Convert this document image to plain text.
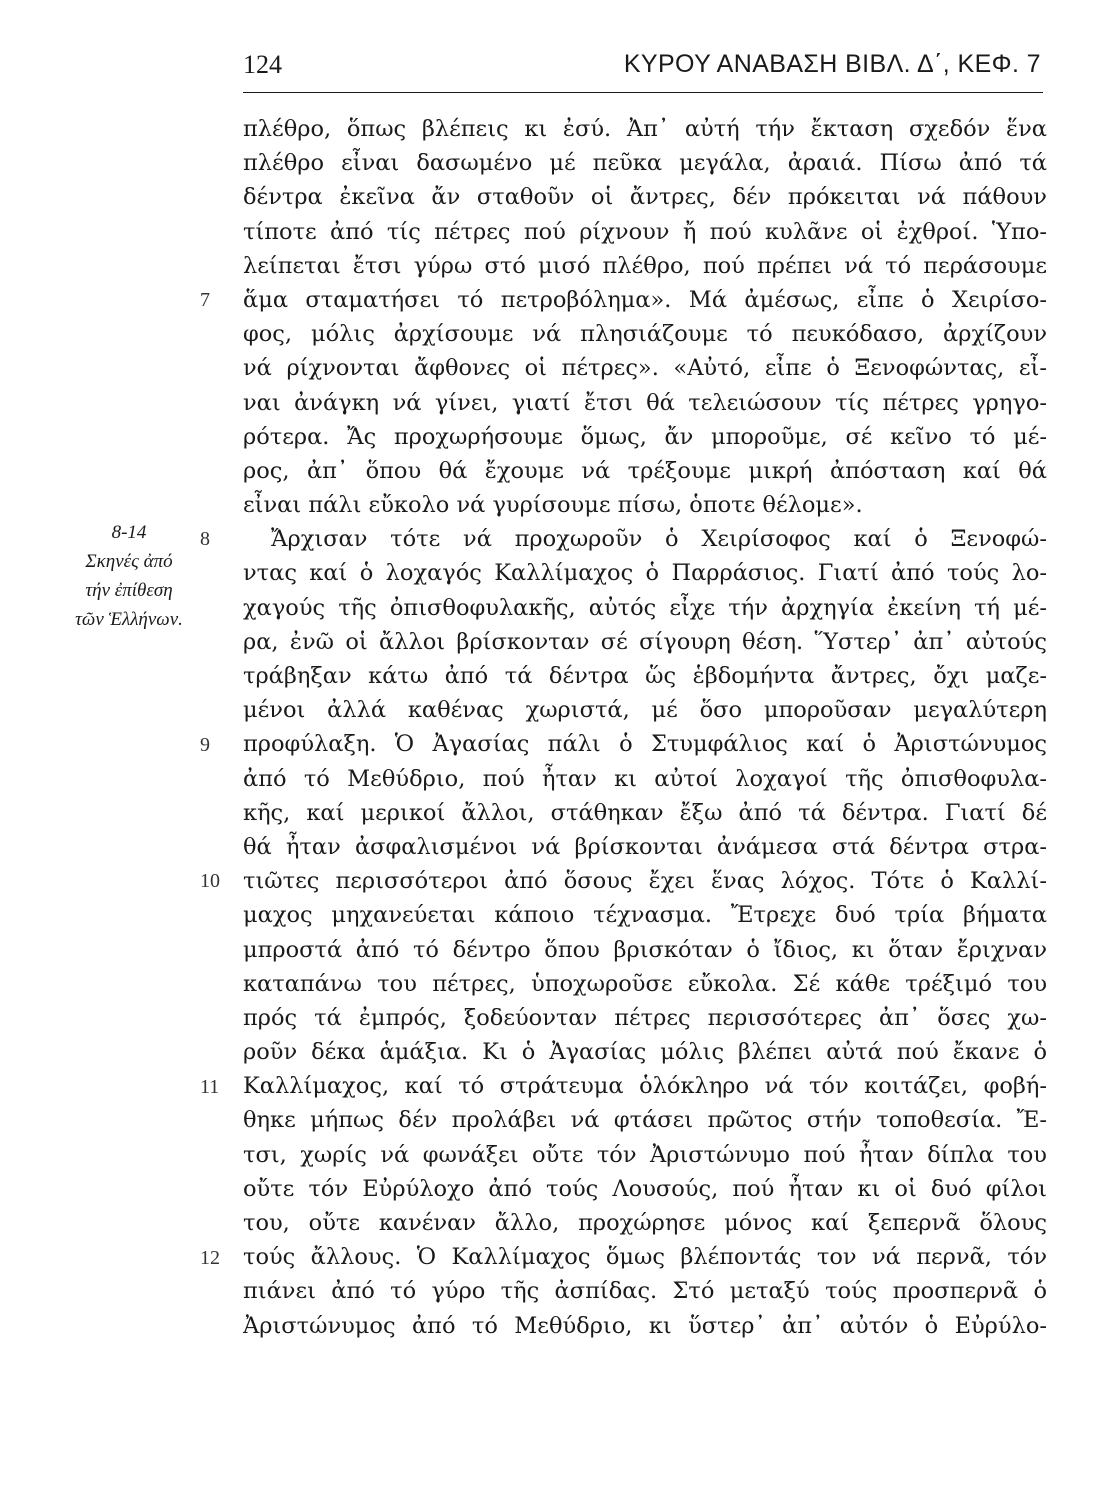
124	ΚΥΡΟΥ ΑΝΑΒΑΣΗ ΒΙΒΛ. Δ΄, ΚΕΦ. 7
8-14
Σκηνές ἀπό
τήν ἐπίθεση
τῶν Ἑλλήνων.
7
8
9
10
11
12
πλέθρο, ὅπως βλέπεις κι ἐσύ. Ἀπ᾽ αὐτή τήν ἔκταση σχεδόν ἕνα
πλέθρο εἶναι δασωμένο μέ πεῦκα μεγάλα, ἀραιά. Πίσω ἀπό τά
δέντρα ἐκεῖνα ἄν σταθοῦν οἱ ἄντρες, δέν πρόκειται νά πάθουν
τίποτε ἀπό τίς πέτρες πού ρίχνουν ἤ πού κυλᾶνε οἱ ἐχθροί. Ὑπο-
λείπεται ἔτσι γύρω στό μισό πλέθρο, πού πρέπει νά τό περάσουμε
ἅμα σταματήσει τό πετροβόλημα». Μά ἀμέσως, εἶπε ὁ Χειρίσο-
φος, μόλις ἀρχίσουμε νά πλησιάζουμε τό πευκόδασο, ἀρχίζουν
νά ρίχνονται ἄφθονες οἱ πέτρες». «Αὐτό, εἶπε ὁ Ξενοφώντας, εἶ-
ναι ἀνάγκη νά γίνει, γιατί ἔτσι θά τελειώσουν τίς πέτρες γρηγο-
ρότερα. Ἄς προχωρήσουμε ὅμως, ἄν μποροῦμε, σέ κεῖνο τό μέ-
ρος, ἀπ᾽ ὅπου θά ἔχουμε νά τρέξουμε μικρή ἀπόσταση καί θά
εἶναι πάλι εὔκολο νά γυρίσουμε πίσω, ὁποτε θέλομε».
Ἄρχισαν τότε νά προχωροῦν ὁ Χειρίσοφος καί ὁ Ξενοφώ-
ντας καί ὁ λοχαγός Καλλίμαχος ὁ Παρράσιος. Γιατί ἀπό τούς λο-
χαγούς τῆς ὀπισθοφυλακῆς, αὐτός εἶχε τήν ἀρχηγία ἐκείνη τή μέ-
ρα, ἐνῶ οἱ ἄλλοι βρίσκονταν σέ σίγουρη θέση. Ὕστερ᾽ ἀπ᾽ αὐτούς
τράβηξαν κάτω ἀπό τά δέντρα ὥς ἑβδομήντα ἄντρες, ὄχι μαζε-
μένοι ἀλλά καθένας χωριστά, μέ ὅσο μποροῦσαν μεγαλύτερη
προφύλαξη. Ὁ Ἀγασίας πάλι ὁ Στυμφάλιος καί ὁ Ἀριστώνυμος
ἀπό τό Μεθύδριο, πού ἦταν κι αὐτοί λοχαγοί τῆς ὀπισθοφυλα-
κῆς, καί μερικοί ἄλλοι, στάθηκαν ἔξω ἀπό τά δέντρα. Γιατί δέ
θά ἦταν ἀσφαλισμένοι νά βρίσκονται ἀνάμεσα στά δέντρα στρα-
τιῶτες περισσότεροι ἀπό ὅσους ἔχει ἕνας λόχος. Τότε ὁ Καλλί-
μαχος μηχανεύεται κάποιο τέχνασμα. Ἔτρεχε δυό τρία βήματα
μπροστά ἀπό τό δέντρο ὅπου βρισκόταν ὁ ἴδιος, κι ὅταν ἔριχναν
καταπάνω του πέτρες, ὑποχωροῦσε εὔκολα. Σέ κάθε τρέξιμό του
πρός τά ἐμπρός, ξοδεύονταν πέτρες περισσότερες ἀπ᾽ ὅσες χω-
ροῦν δέκα ἁμάξια. Κι ὁ Ἀγασίας μόλις βλέπει αὐτά πού ἔκανε ὁ
Καλλίμαχος, καί τό στράτευμα ὁλόκληρο νά τόν κοιτάζει, φοβή-
θηκε μήπως δέν προλάβει νά φτάσει πρῶτος στήν τοποθεσία. Ἔ-
τσι, χωρίς νά φωνάξει οὔτε τόν Ἀριστώνυμο πού ἦταν δίπλα του
οὔτε τόν Εὐρύλοχο ἀπό τούς Λουσούς, πού ἦταν κι οἱ δυό φίλοι
του, οὔτε κανέναν ἄλλο, προχώρησε μόνος καί ξεπερνᾶ ὅλους
τούς ἄλλους. Ὁ Καλλίμαχος ὅμως βλέποντάς τον νά περνᾶ, τόν
πιάνει ἀπό τό γύρο τῆς ἀσπίδας. Στό μεταξύ τούς προσπερνᾶ ὁ
Ἀριστώνυμος ἀπό τό Μεθύδριο, κι ὕστερ᾽ ἀπ᾽ αὐτόν ὁ Εὐρύλο-
